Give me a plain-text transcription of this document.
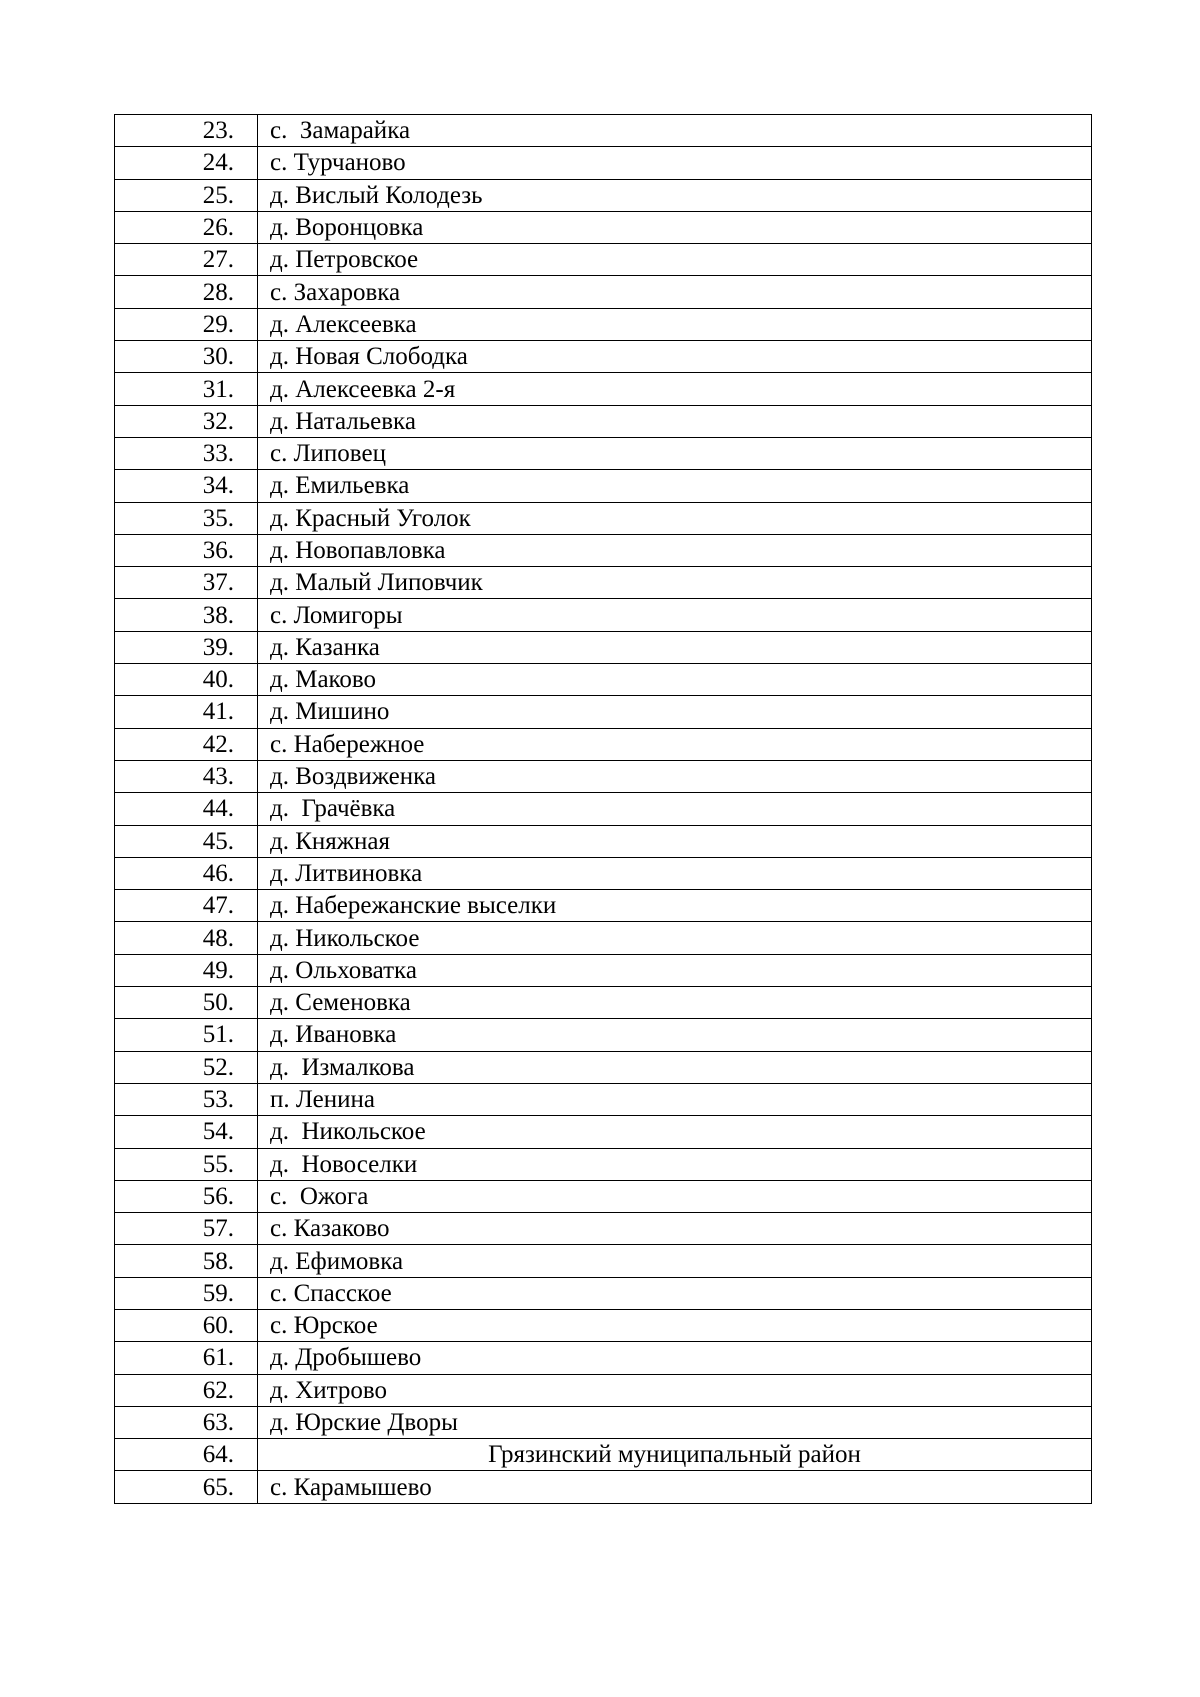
23.	с.  Замарайка
24.	с. Турчаново
25.	д. Вислый Колодезь
26.	д. Воронцовка
27.	д. Петровское
28.	с. Захаровка
29.	д. Алексеевка
30.	д. Новая Слободка
31.	д. Алексеевка 2-я
32.	д. Натальевка
33.	с. Липовец
34.	д. Емильевка
35.	д. Красный Уголок
36.	д. Новопавловка
37.	д. Малый Липовчик
38.	с. Ломигоры
39.	д. Казанка
40.	д. Маково
41.	д. Мишино
42.	с. Набережное
43.	д. Воздвиженка
44.	д.  Грачёвка
45.	д. Княжная
46.	д. Литвиновка
47.	д. Набережанские выселки
48.	д. Никольское
49.	д. Ольховатка
50.	д. Семеновка
51.	д. Ивановка
52.	д.  Измалкова
53.	п. Ленина
54.	д.  Никольское
55.	д.  Новоселки
56.	с.  Ожога
57.	с. Казаково
58.	д. Ефимовка
59.	с. Спасское
60.	с. Юрское
61.	д. Дробышево
62.	д. Хитрово
63.	д. Юрские Дворы
64.	Грязинский муниципальный район
65.	с. Карамышево
